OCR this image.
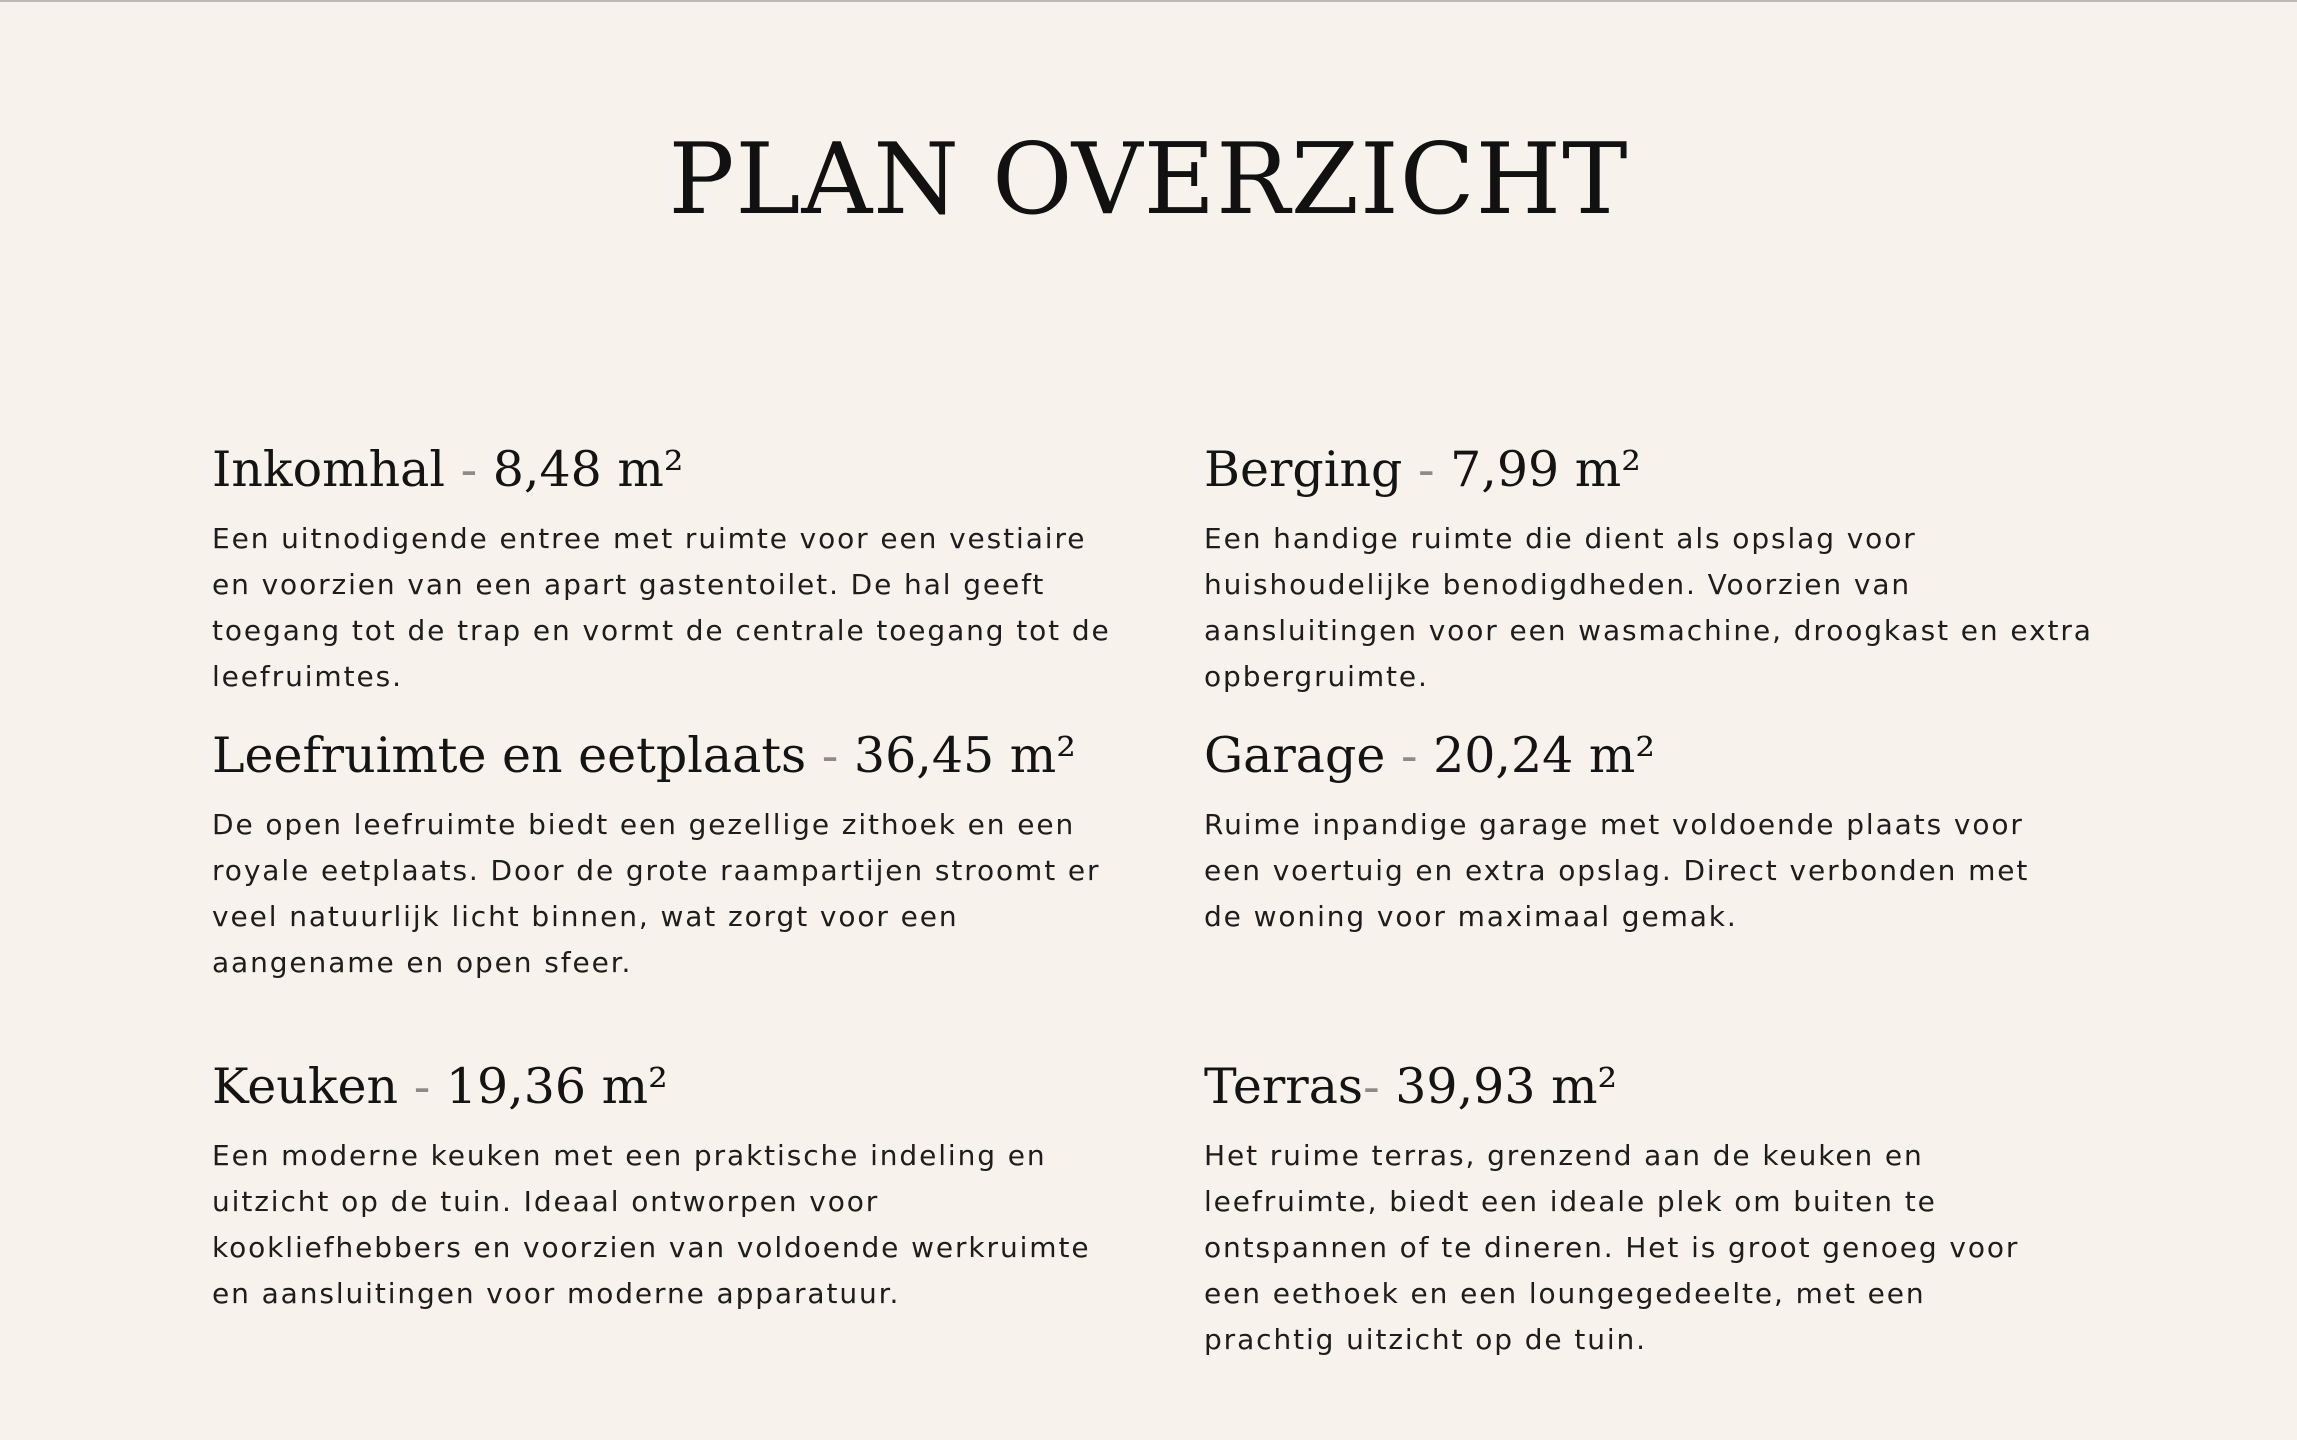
PLAN OVERZICHT
Inkomhal - 8,48 m²

Een uitnodigende entree met ruimte voor een vestiaire en voorzien van een apart gastentoilet. De hal geeft toegang tot de trap en vormt de centrale toegang tot de leefruimtes.

Berging - 7,99 m²

Een handige ruimte die dient als opslag voor huishoudelijke benodigdheden. Voorzien van aansluitingen voor een wasmachine, droogkast en extra opbergruimte.

Leefruimte en eetplaats - 36,45 m²

De open leefruimte biedt een gezellige zithoek en een royale eetplaats. Door de grote raampartijen stroomt er veel natuurlijk licht binnen, wat zorgt voor een aangename en open sfeer.

Garage - 20,24 m²

Ruime inpandige garage met voldoende plaats voor een voertuig en extra opslag. Direct verbonden met de woning voor maximaal gemak.

Keuken - 19,36 m²

Een moderne keuken met een praktische indeling en uitzicht op de tuin. Ideaal ontworpen voor kookliefhebbers en voorzien van voldoende werkruimte en aansluitingen voor moderne apparatuur.

Terras- 39,93 m²

Het ruime terras, grenzend aan de keuken en leefruimte, biedt een ideale plek om buiten te ontspannen of te dineren. Het is groot genoeg voor een eethoek en een loungegedeelte, met een prachtig uitzicht op de tuin.
